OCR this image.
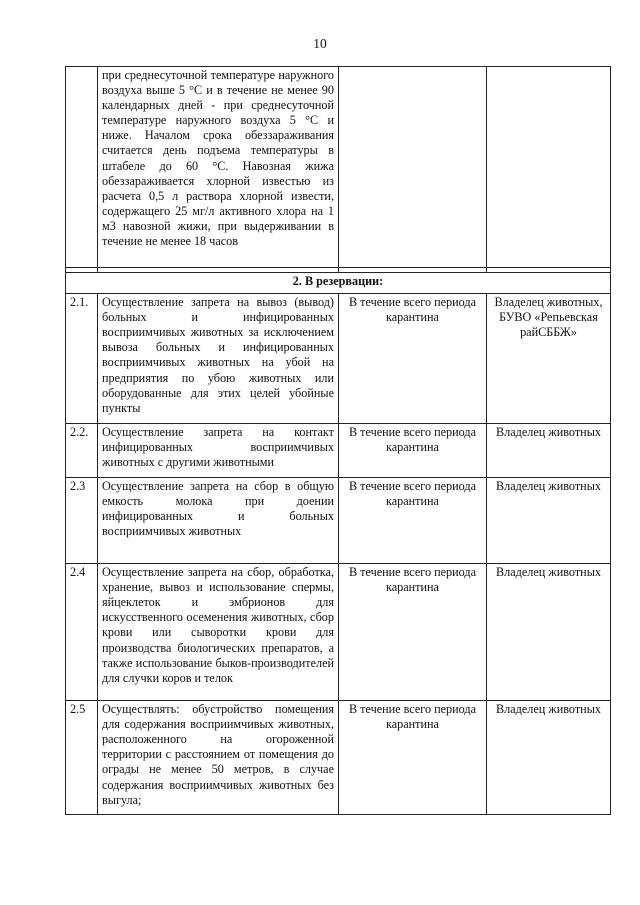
10
	при среднесуточной температуре наружного воздуха выше 5 °С и в течение не менее 90 календарных дней - при среднесуточной температуре наружного воздуха 5 °С и ниже. Началом срока обеззараживания считается день подъема температуры в штабеле до 60 °С. Навозная жижа обеззараживается хлорной известью из расчета 0,5 л раствора хлорной извести, содержащего 25 мг/л активного хлора на 1 м3 навозной жижи, при выдерживании в течение не менее 18 часов		

2. В резервации:			
2.1.	Осуществление запрета на вывоз (вывод) больных и инфицированных восприимчивых животных за исключением вывоза больных и инфицированных восприимчивых животных на убой на предприятия по убою животных или оборудованные для этих целей убойные пункты	В течение всего периода карантина	Владелец животных, БУВО «Репьевская райСББЖ»
2.2.	Осуществление запрета на контакт инфицированных восприимчивых животных с другими животными	В течение всего периода карантина	Владелец животных
2.3	Осуществление запрета на сбор в общую емкость молока при доении инфицированных и больных восприимчивых животных	В течение всего периода карантина	Владелец животных
2.4	Осуществление запрета на сбор, обработка, хранение, вывоз и использование спермы, яйцеклеток и эмбрионов для искусственного осеменения животных, сбор крови или сыворотки крови для производства биологических препаратов, а также использование быков-производителей для случки коров и телок	В течение всего периода карантина	Владелец животных
2.5	Осуществлять: обустройство помещения для содержания восприимчивых животных, расположенного на огороженной территории с расстоянием от помещения до ограды не менее 50 метров, в случае содержания восприимчивых животных без выгула;	В течение всего периода карантина	Владелец животных
